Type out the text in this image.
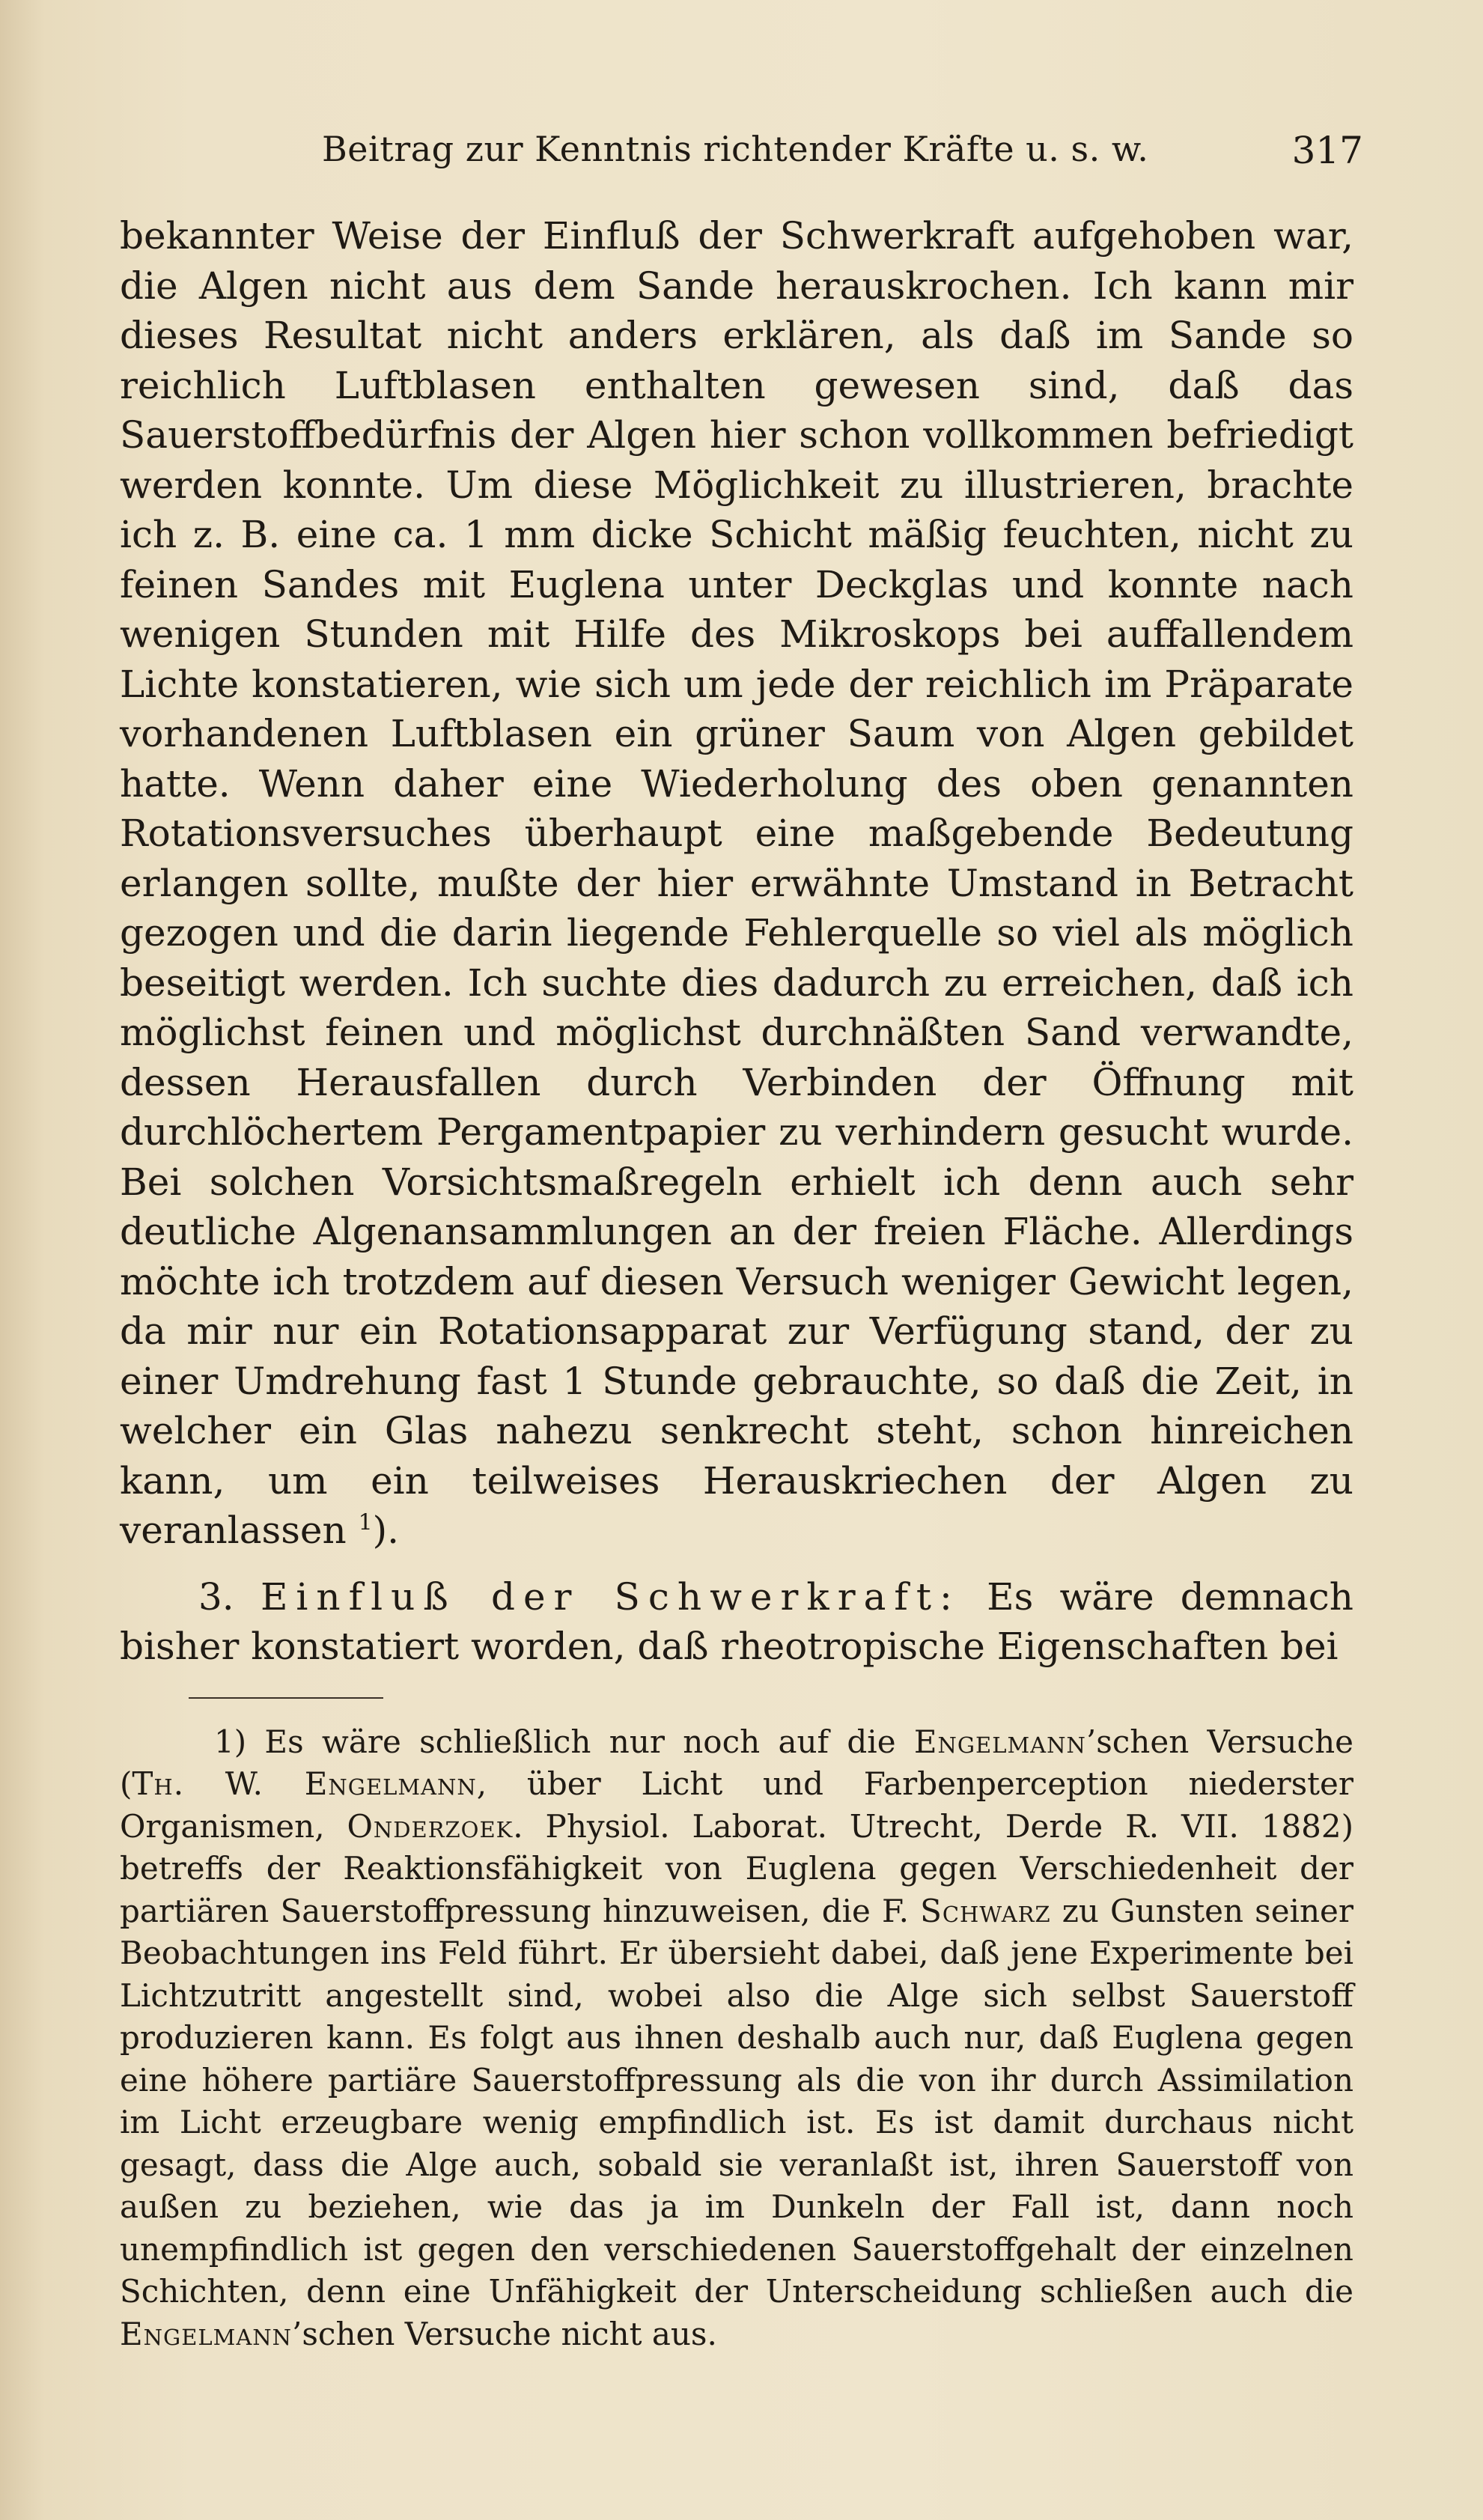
Beitrag zur Kenntnis richtender Kräfte u. s. w.	317

bekannter Weise der Einfluß der Schwerkraft aufgehoben war, die Algen nicht aus dem Sande herauskrochen. Ich kann mir dieses Resultat nicht anders erklären, als daß im Sande so reichlich Luftblasen enthalten gewesen sind, daß das Sauerstoffbedürfnis der Algen hier schon vollkommen befriedigt werden konnte. Um diese Möglichkeit zu illustrieren, brachte ich z. B. eine ca. 1 mm dicke Schicht mäßig feuchten, nicht zu feinen Sandes mit Euglena unter Deckglas und konnte nach wenigen Stunden mit Hilfe des Mikroskops bei auffallendem Lichte konstatieren, wie sich um jede der reichlich im Präparate vorhandenen Luftblasen ein grüner Saum von Algen gebildet hatte. Wenn daher eine Wiederholung des oben genannten Rotationsversuches überhaupt eine maßgebende Bedeutung erlangen sollte, mußte der hier erwähnte Umstand in Betracht gezogen und die darin liegende Fehlerquelle so viel als möglich beseitigt werden. Ich suchte dies dadurch zu erreichen, daß ich möglichst feinen und möglichst durchnäßten Sand verwandte, dessen Herausfallen durch Verbinden der Öffnung mit durchlöchertem Pergamentpapier zu verhindern gesucht wurde. Bei solchen Vorsichtsmaßregeln erhielt ich denn auch sehr deutliche Algenansammlungen an der freien Fläche. Allerdings möchte ich trotzdem auf diesen Versuch weniger Gewicht legen, da mir nur ein Rotationsapparat zur Verfügung stand, der zu einer Umdrehung fast 1 Stunde gebrauchte, so daß die Zeit, in welcher ein Glas nahezu senkrecht steht, schon hinreichen kann, um ein teilweises Herauskriechen der Algen zu veranlassen $^1$).

3. Einfluß der Schwerkraft: Es wäre demnach bisher konstatiert worden, daß rheotropische Eigenschaften bei

1) Es wäre schließlich nur noch auf die Engelmann’schen Versuche (Th. W. Engelmann, über Licht und Farbenperception niederster Organismen, Onderzoek. Physiol. Laborat. Utrecht, Derde R. VII. 1882) betreffs der Reaktionsfähigkeit von Euglena gegen Verschiedenheit der partiären Sauerstoffpressung hinzuweisen, die F. Schwarz zu Gunsten seiner Beobachtungen ins Feld führt. Er übersieht dabei, daß jene Experimente bei Lichtzutritt angestellt sind, wobei also die Alge sich selbst Sauerstoff produzieren kann. Es folgt aus ihnen deshalb auch nur, daß Euglena gegen eine höhere partiäre Sauerstoffpressung als die von ihr durch Assimilation im Licht erzeugbare wenig empfindlich ist. Es ist damit durchaus nicht gesagt, dass die Alge auch, sobald sie veranlaßt ist, ihren Sauerstoff von außen zu beziehen, wie das ja im Dunkeln der Fall ist, dann noch unempfindlich ist gegen den verschiedenen Sauerstoffgehalt der einzelnen Schichten, denn eine Unfähigkeit der Unterscheidung schließen auch die Engelmann’schen Versuche nicht aus.
